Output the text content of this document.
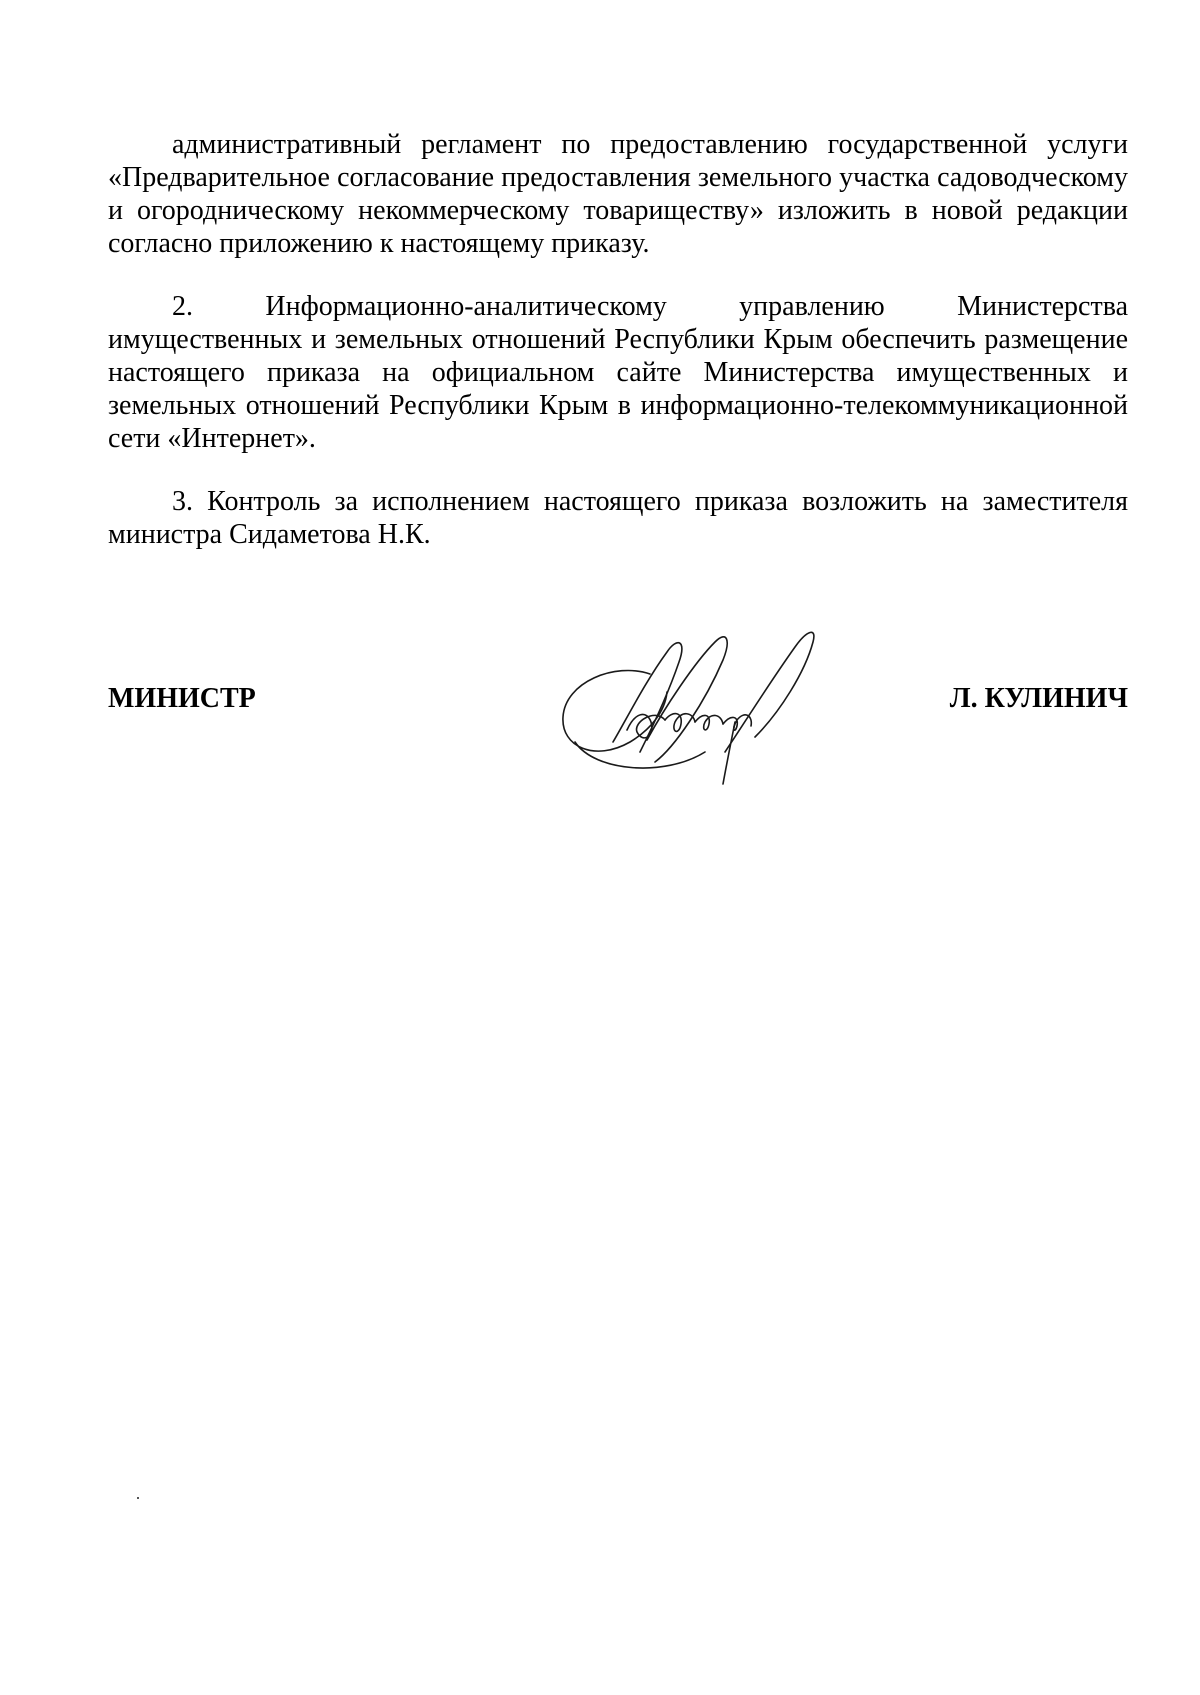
административный регламент по предоставлению государственной услуги «Предварительное согласование предоставления земельного участка садоводческому и огородническому некоммерческому товариществу» изложить в новой редакции согласно приложению к настоящему приказу.

2. Информационно-аналитическому управлению Министерства имущественных и земельных отношений Республики Крым обеспечить размещение настоящего приказа на официальном сайте Министерства имущественных и земельных отношений Республики Крым в информационно-телекоммуникационной сети «Интернет».

3. Контроль за исполнением настоящего приказа возложить на заместителя министра Сидаметова Н.К.

МИНИСТР	Л. КУЛИНИЧ
